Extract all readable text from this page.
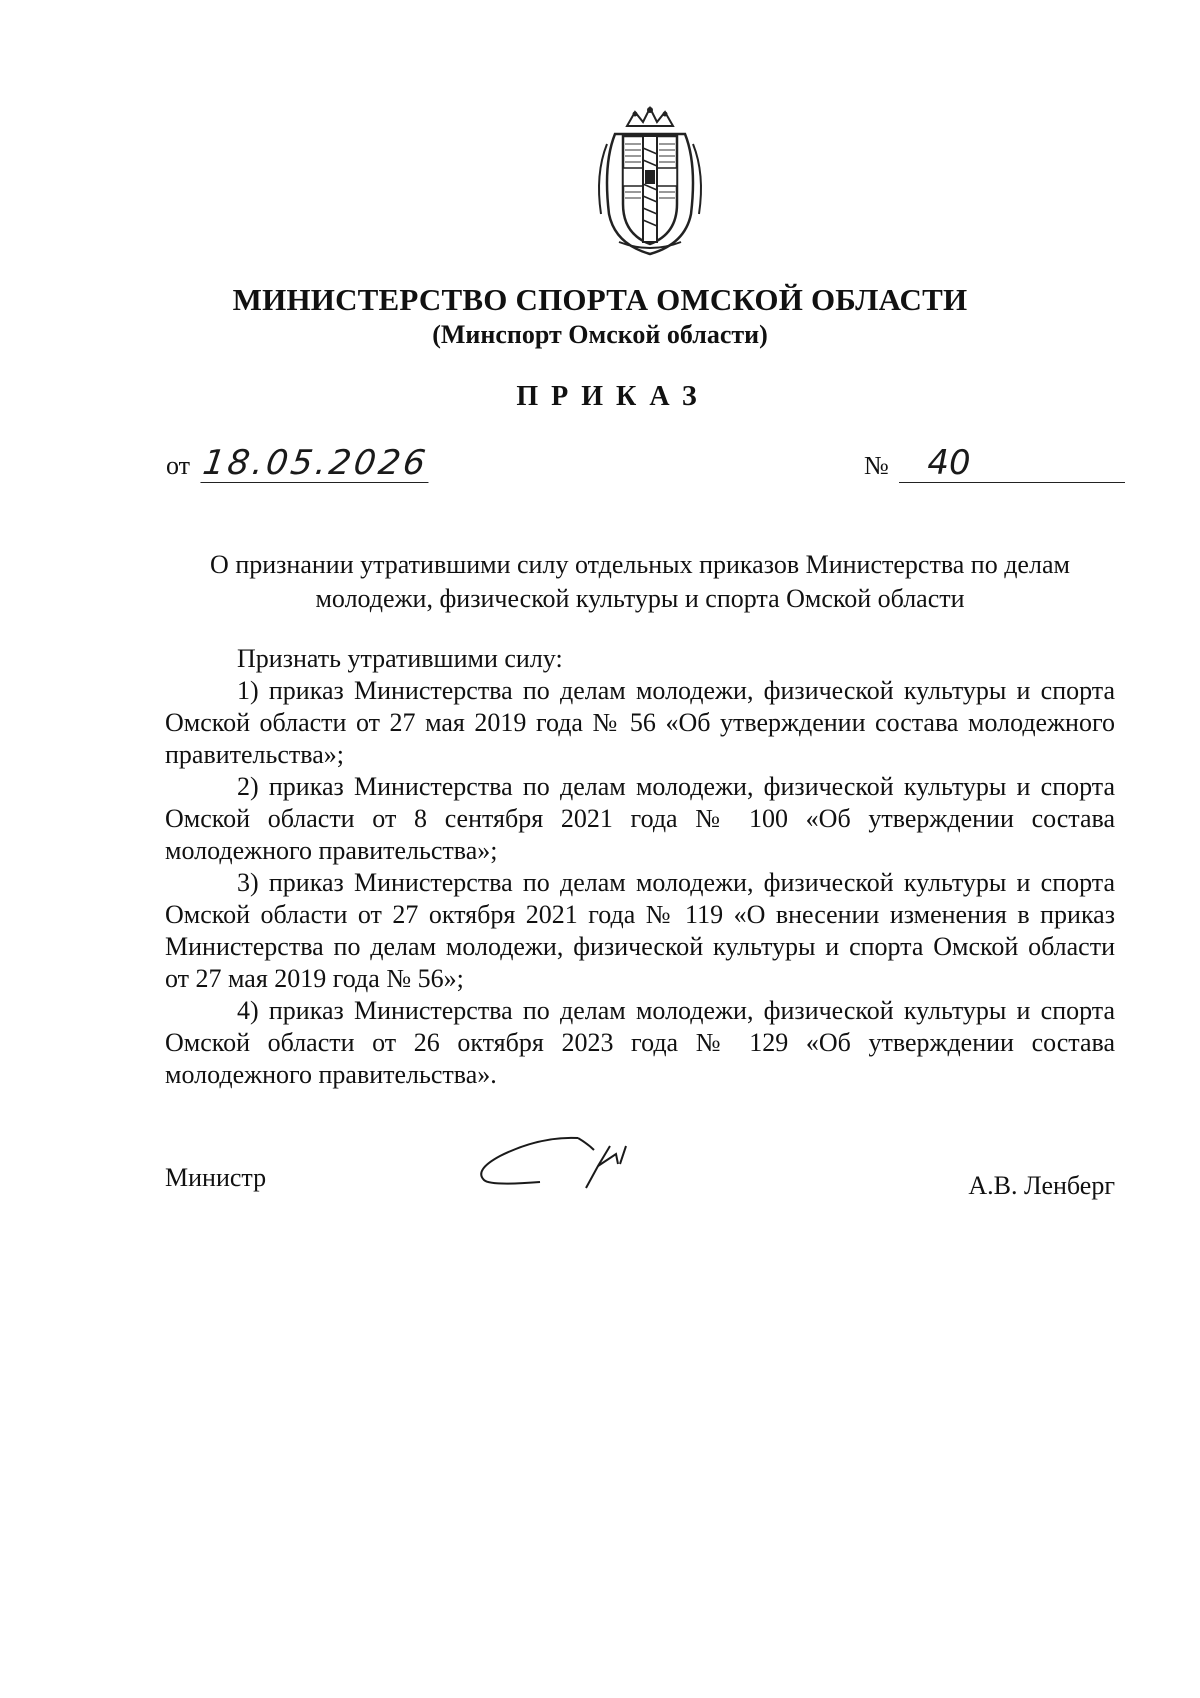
МИНИСТЕРСТВО СПОРТА ОМСКОЙ ОБЛАСТИ
(Минспорт Омской области)
ПРИКАЗ
от 18.05.2026	№ 40
О признании утратившими силу отдельных приказов Министерства по делам молодежи, физической культуры и спорта Омской области

Признать утратившими силу:

1) приказ Министерства по делам молодежи, физической культуры и спорта Омской области от 27 мая 2019 года № 56 «Об утверждении состава молодежного правительства»;

2) приказ Министерства по делам молодежи, физической культуры и спорта Омской области от 8 сентября 2021 года № 100 «Об утверждении состава молодежного правительства»;

3) приказ Министерства по делам молодежи, физической культуры и спорта Омской области от 27 октября 2021 года № 119 «О внесении изменения в приказ Министерства по делам молодежи, физической культуры и спорта Омской области от 27 мая 2019 года № 56»;

4) приказ Министерства по делам молодежи, физической культуры и спорта Омской области от 26 октября 2023 года № 129 «Об утверждении состава молодежного правительства».

Министр	А.В. Ленберг
